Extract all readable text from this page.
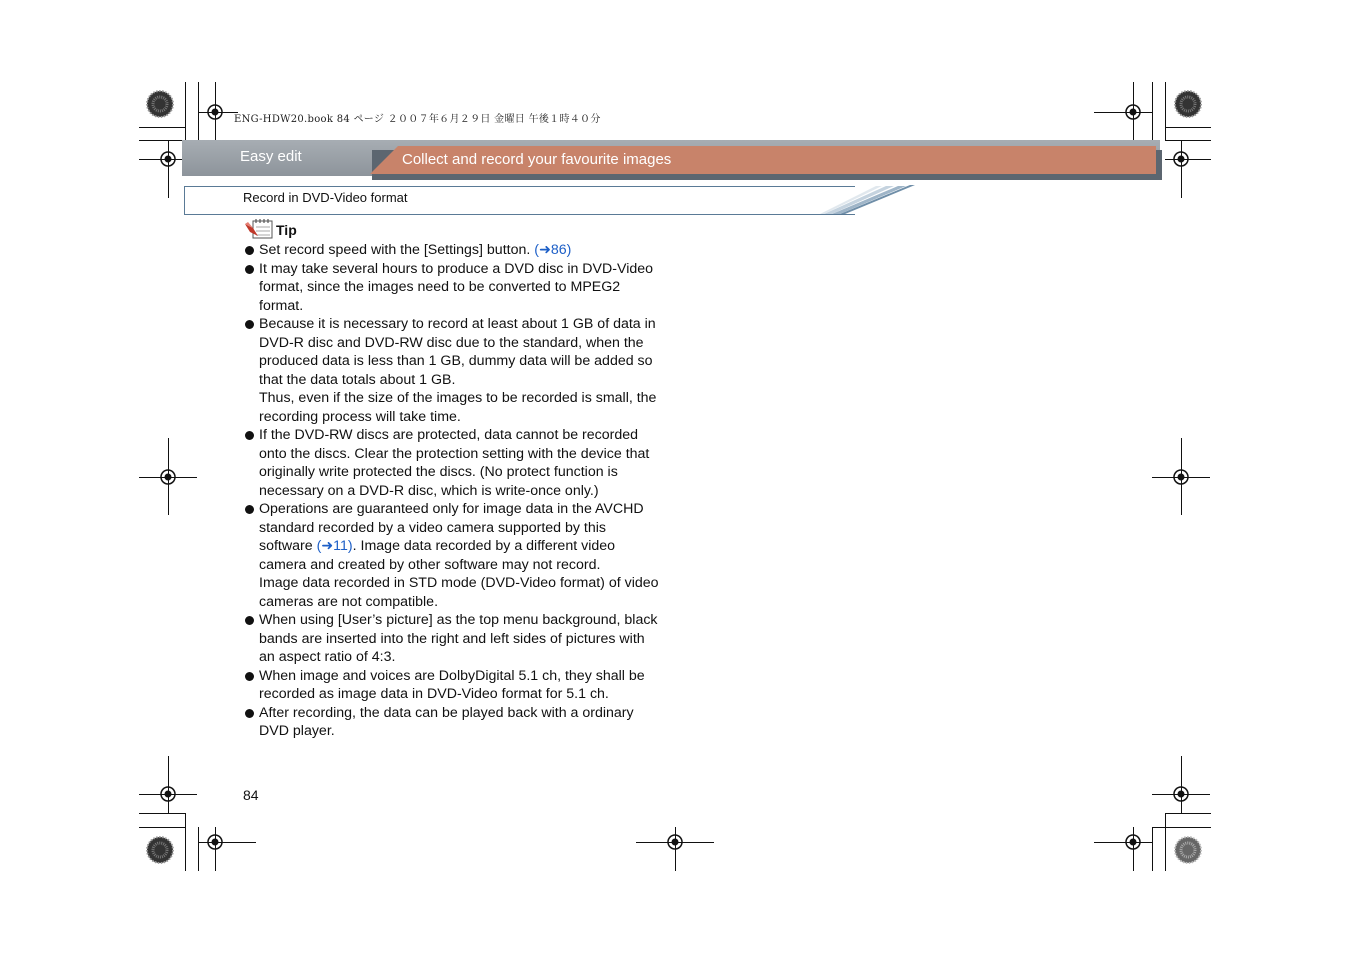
ENG-HDW20.book 84 ページ ２００７年６月２９日 金曜日 午後１時４０分
Easy edit	Collect and record your favourite images
Record in DVD-Video format
Tip
Set record speed with the [Settings] button. (➜86)
It may take several hours to produce a DVD disc in DVD-Video format, since the images need to be converted to MPEG2 format.
Because it is necessary to record at least about 1 GB of data in DVD-R disc and DVD-RW disc due to the standard, when the produced data is less than 1 GB, dummy data will be added so that the data totals about 1 GB.
Thus, even if the size of the images to be recorded is small, the recording process will take time.
If the DVD-RW discs are protected, data cannot be recorded onto the discs. Clear the protection setting with the device that originally write protected the discs. (No protect function is necessary on a DVD-R disc, which is write-once only.)
Operations are guaranteed only for image data in the AVCHD standard recorded by a video camera supported by this software (➜11). Image data recorded by a different video camera and created by other software may not record.
Image data recorded in STD mode (DVD-Video format) of video cameras are not compatible.
When using [User’s picture] as the top menu background, black bands are inserted into the right and left sides of pictures with an aspect ratio of 4:3.
When image and voices are DolbyDigital 5.1 ch, they shall be recorded as image data in DVD-Video format for 5.1 ch.
After recording, the data can be played back with a ordinary DVD player.
84
